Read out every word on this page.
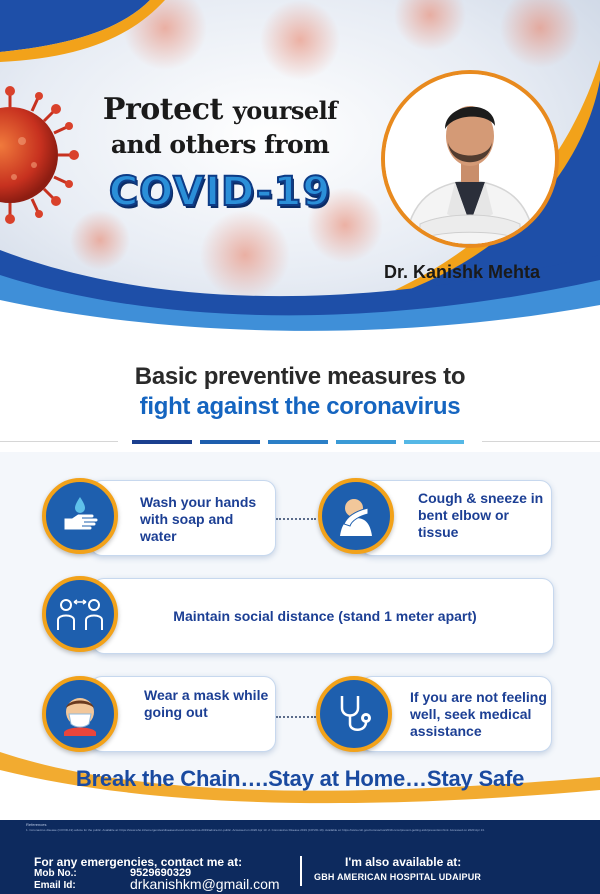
Protect yourself
and others from
COVID-19
Dr. Kanishk Mehta
Basic preventive measures to
fight against the coronavirus
Wash your hands with soap and water
Cough & sneeze in bent elbow or tissue
Maintain social distance (stand 1 meter apart)
Wear a mask while going out
If you are not feeling well, seek medical assistance
Break the Chain….Stay at Home…Stay Safe
References
1. Coronavirus disease (COVID-19) advice for the public. Available at: https://www.who.int/emergencies/diseases/novel-coronavirus-2019/advice-for-public. Accessed on 2020 Apr 13. 2. Coronavirus Disease 2019 (COVID-19). Available at: https://www.cdc.gov/coronavirus/2019-ncov/prevent-getting-sick/prevention.html. Accessed on 2020 Apr 13.
For any emergencies, contact me at:
Mob No.:	9529690329
Email Id:	drkanishkm@gmail.com
I'm also available at:
GBH AMERICAN HOSPITAL UDAIPUR
